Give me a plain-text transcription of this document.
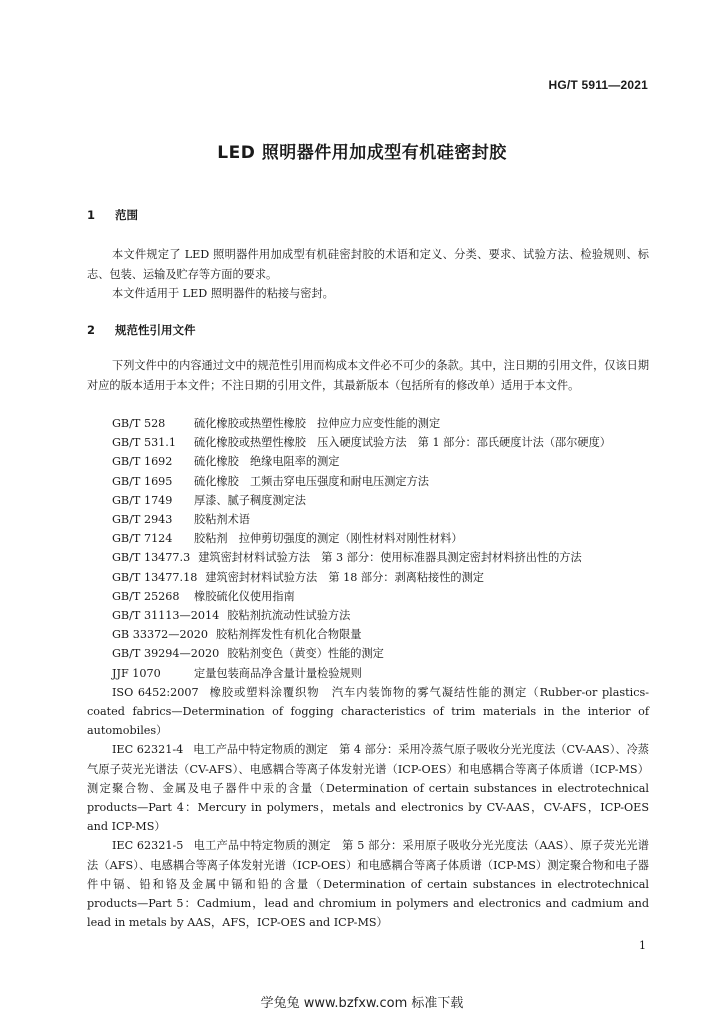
HG/T 5911—2021
LED 照明器件用加成型有机硅密封胶
1 范围
本文件规定了 LED 照明器件用加成型有机硅密封胶的术语和定义、分类、要求、试验方法、检验规则、标志、包装、运输及贮存等方面的要求。
本文件适用于 LED 照明器件的粘接与密封。
2 规范性引用文件
下列文件中的内容通过文中的规范性引用而构成本文件必不可少的条款。其中，注日期的引用文件，仅该日期对应的版本适用于本文件；不注日期的引用文件，其最新版本（包括所有的修改单）适用于本文件。
GB/T 528	硫化橡胶或热塑性橡胶　拉伸应力应变性能的测定
GB/T 531.1 硫化橡胶或热塑性橡胶　压入硬度试验方法　第 1 部分：邵氏硬度计法（邵尔硬度）
GB/T 1692 硫化橡胶　绝缘电阻率的测定
GB/T 1695 硫化橡胶　工频击穿电压强度和耐电压测定方法
GB/T 1749 厚漆、腻子稠度测定法
GB/T 2943 胶粘剂术语
GB/T 7124 胶粘剂　拉伸剪切强度的测定（刚性材料对刚性材料）
GB/T 13477.3 建筑密封材料试验方法　第 3 部分：使用标准器具测定密封材料挤出性的方法
GB/T 13477.18 建筑密封材料试验方法　第 18 部分：剥离粘接性的测定
GB/T 25268 橡胶硫化仪使用指南
GB/T 31113—2014 胶粘剂抗流动性试验方法
GB 33372—2020 胶粘剂挥发性有机化合物限量
GB/T 39294—2020 胶粘剂变色（黄变）性能的测定
JJF 1070	定量包装商品净含量计量检验规则
ISO 6452:2007 橡胶或塑料涂覆织物　汽车内装饰物的雾气凝结性能的测定（Rubber-or plastics-coated fabrics—Determination of fogging characteristics of trim materials in the interior of automobiles）
IEC 62321-4 电工产品中特定物质的测定　第 4 部分：采用冷蒸气原子吸收分光光度法（CV-AAS）、冷蒸气原子荧光光谱法（CV-AFS）、电感耦合等离子体发射光谱（ICP-OES）和电感耦合等离子体质谱（ICP-MS）测定聚合物、金属及电子器件中汞的含量（Determination of certain substances in electrotechnical products—Part 4：Mercury in polymers，metals and electronics by CV-AAS，CV-AFS，ICP-OES and ICP-MS）
IEC 62321-5 电工产品中特定物质的测定　第 5 部分：采用原子吸收分光光度法（AAS）、原子荧光光谱法（AFS）、电感耦合等离子体发射光谱（ICP-OES）和电感耦合等离子体质谱（ICP-MS）测定聚合物和电子器件中镉、铅和铬及金属中镉和铅的含量（Determination of certain substances in electrotechnical products—Part 5：Cadmium，lead and chromium in polymers and electronics and cadmium and lead in metals by AAS，AFS，ICP-OES and ICP-MS）
1
学兔兔 www.bzfxw.com 标准下载
